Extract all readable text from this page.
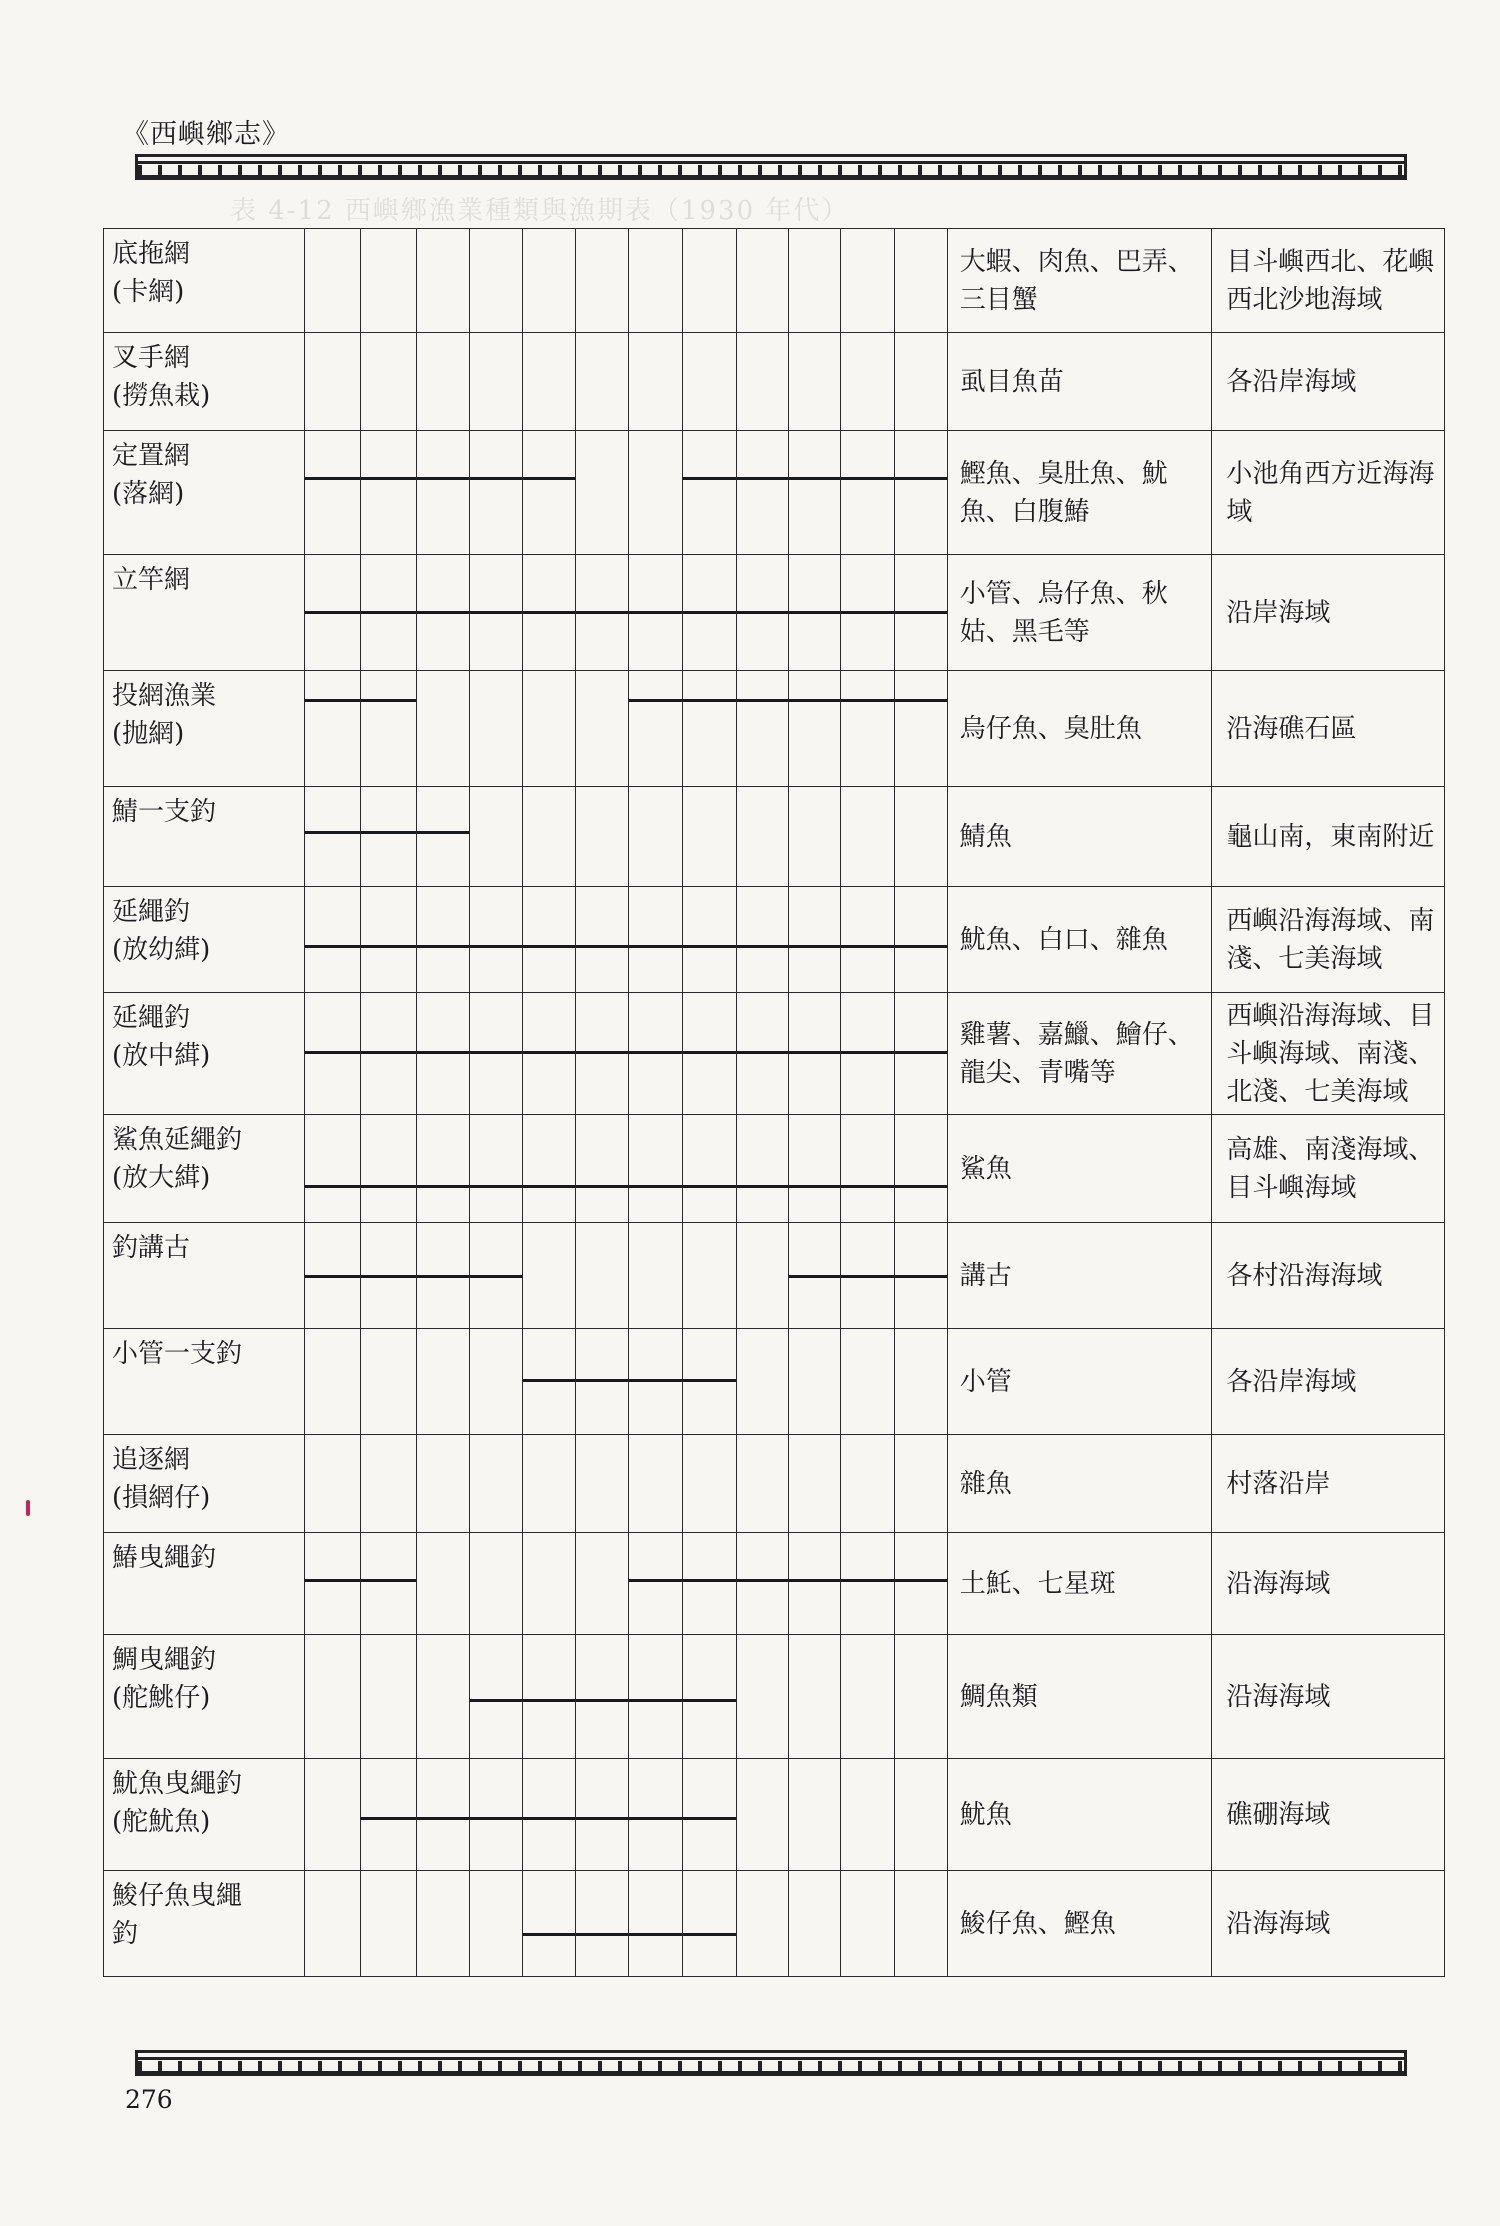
《西嶼鄉志》
表 4-12 西嶼鄉漁業種類與漁期表（1930 年代）
底拖網
(卡網)													大蝦、肉魚、巴弄、三目蟹	目斗嶼西北、花嶼西北沙地海域

叉手網
(撈魚栽)													虱目魚苗	各沿岸海域

定置網
(落網)													鰹魚、臭肚魚、魷魚、白腹鰆	小池角西方近海海域

立竿網													小管、烏仔魚、秋姑、黑毛等	沿岸海域

投網漁業
(抛網)													烏仔魚、臭肚魚	沿海礁石區

鯖一支釣													鯖魚	龜山南，東南附近

延繩釣
(放幼縙)													魷魚、白口、雜魚	西嶼沿海海域、南淺、七美海域

延繩釣
(放中縙)													雞薯、嘉鱲、鱠仔、龍尖、青嘴等	西嶼沿海海域、目斗嶼海域、南淺、北淺、七美海域

鯊魚延繩釣
(放大縙)													鯊魚	高雄、南淺海域、目斗嶼海域

釣講古													講古	各村沿海海域

小管一支釣													小管	各沿岸海域

追逐網
(損網仔)													雜魚	村落沿岸

鰆曳繩釣													土魠、七星斑	沿海海域

鯛曳繩釣
(舵鮡仔)													鯛魚類	沿海海域

魷魚曳繩釣
(舵魷魚)													魷魚	礁硼海域

鮻仔魚曳繩
釣													鮻仔魚、鰹魚	沿海海域
276
